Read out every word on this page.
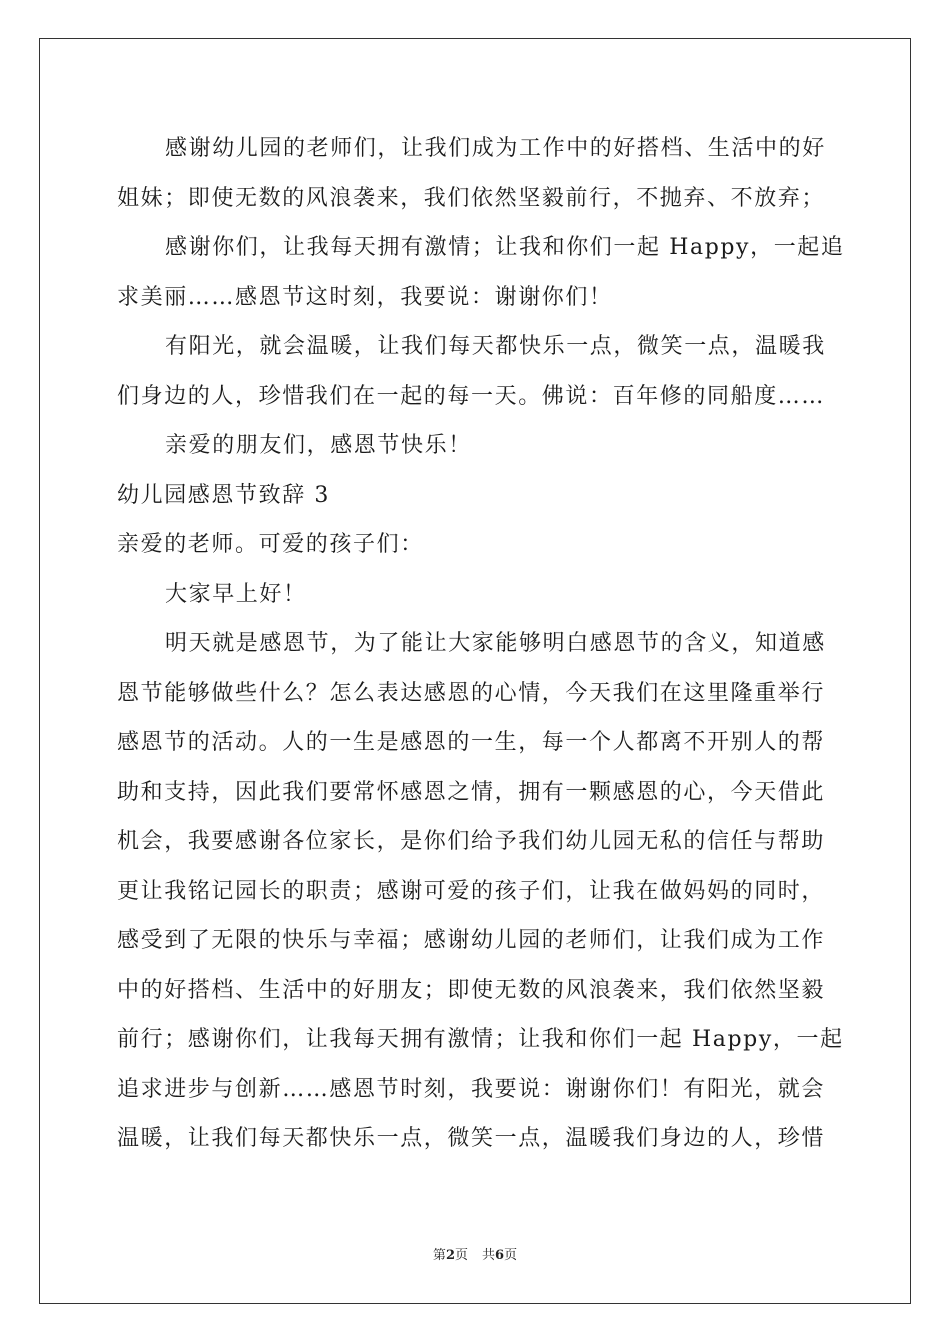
感谢幼儿园的老师们，让我们成为工作中的好搭档、生活中的好
姐妹；即使无数的风浪袭来，我们依然坚毅前行，不抛弃、不放弃；
感谢你们，让我每天拥有激情；让我和你们一起 Happy，一起追
求美丽……感恩节这时刻，我要说：谢谢你们！
有阳光，就会温暖，让我们每天都快乐一点，微笑一点，温暖我
们身边的人，珍惜我们在一起的每一天。佛说：百年修的同船度……
亲爱的朋友们，感恩节快乐！
幼儿园感恩节致辞 3
亲爱的老师。可爱的孩子们：
大家早上好！
明天就是感恩节，为了能让大家能够明白感恩节的含义，知道感
恩节能够做些什么？怎么表达感恩的心情，今天我们在这里隆重举行
感恩节的活动。人的一生是感恩的一生，每一个人都离不开别人的帮
助和支持，因此我们要常怀感恩之情，拥有一颗感恩的心，今天借此
机会，我要感谢各位家长，是你们给予我们幼儿园无私的信任与帮助
更让我铭记园长的职责；感谢可爱的孩子们，让我在做妈妈的同时，
感受到了无限的快乐与幸福；感谢幼儿园的老师们，让我们成为工作
中的好搭档、生活中的好朋友；即使无数的风浪袭来，我们依然坚毅
前行；感谢你们，让我每天拥有激情；让我和你们一起 Happy，一起
追求进步与创新……感恩节时刻，我要说：谢谢你们！有阳光，就会
温暖，让我们每天都快乐一点，微笑一点，温暖我们身边的人，珍惜
第2页 共6页
